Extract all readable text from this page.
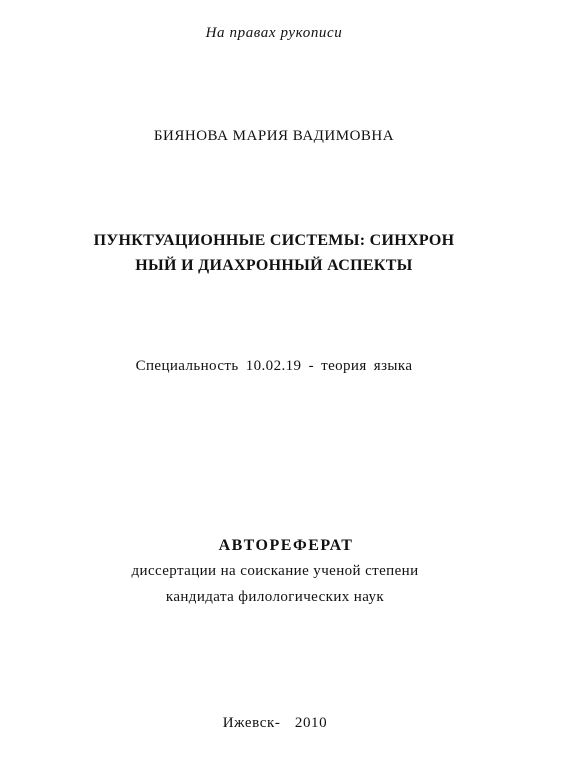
На правах рукописи
БИЯНОВА МАРИЯ ВАДИМОВНА
ПУНКТУАЦИОННЫЕ СИСТЕМЫ: СИНХРОН
НЫЙ И ДИАХРОННЫЙ АСПЕКТЫ
Специальность 10.02.19 - теория языка
АВТОРЕФЕРАТ
диссертации на соискание ученой степени
кандидата филологических наук
Ижевск- 2010
